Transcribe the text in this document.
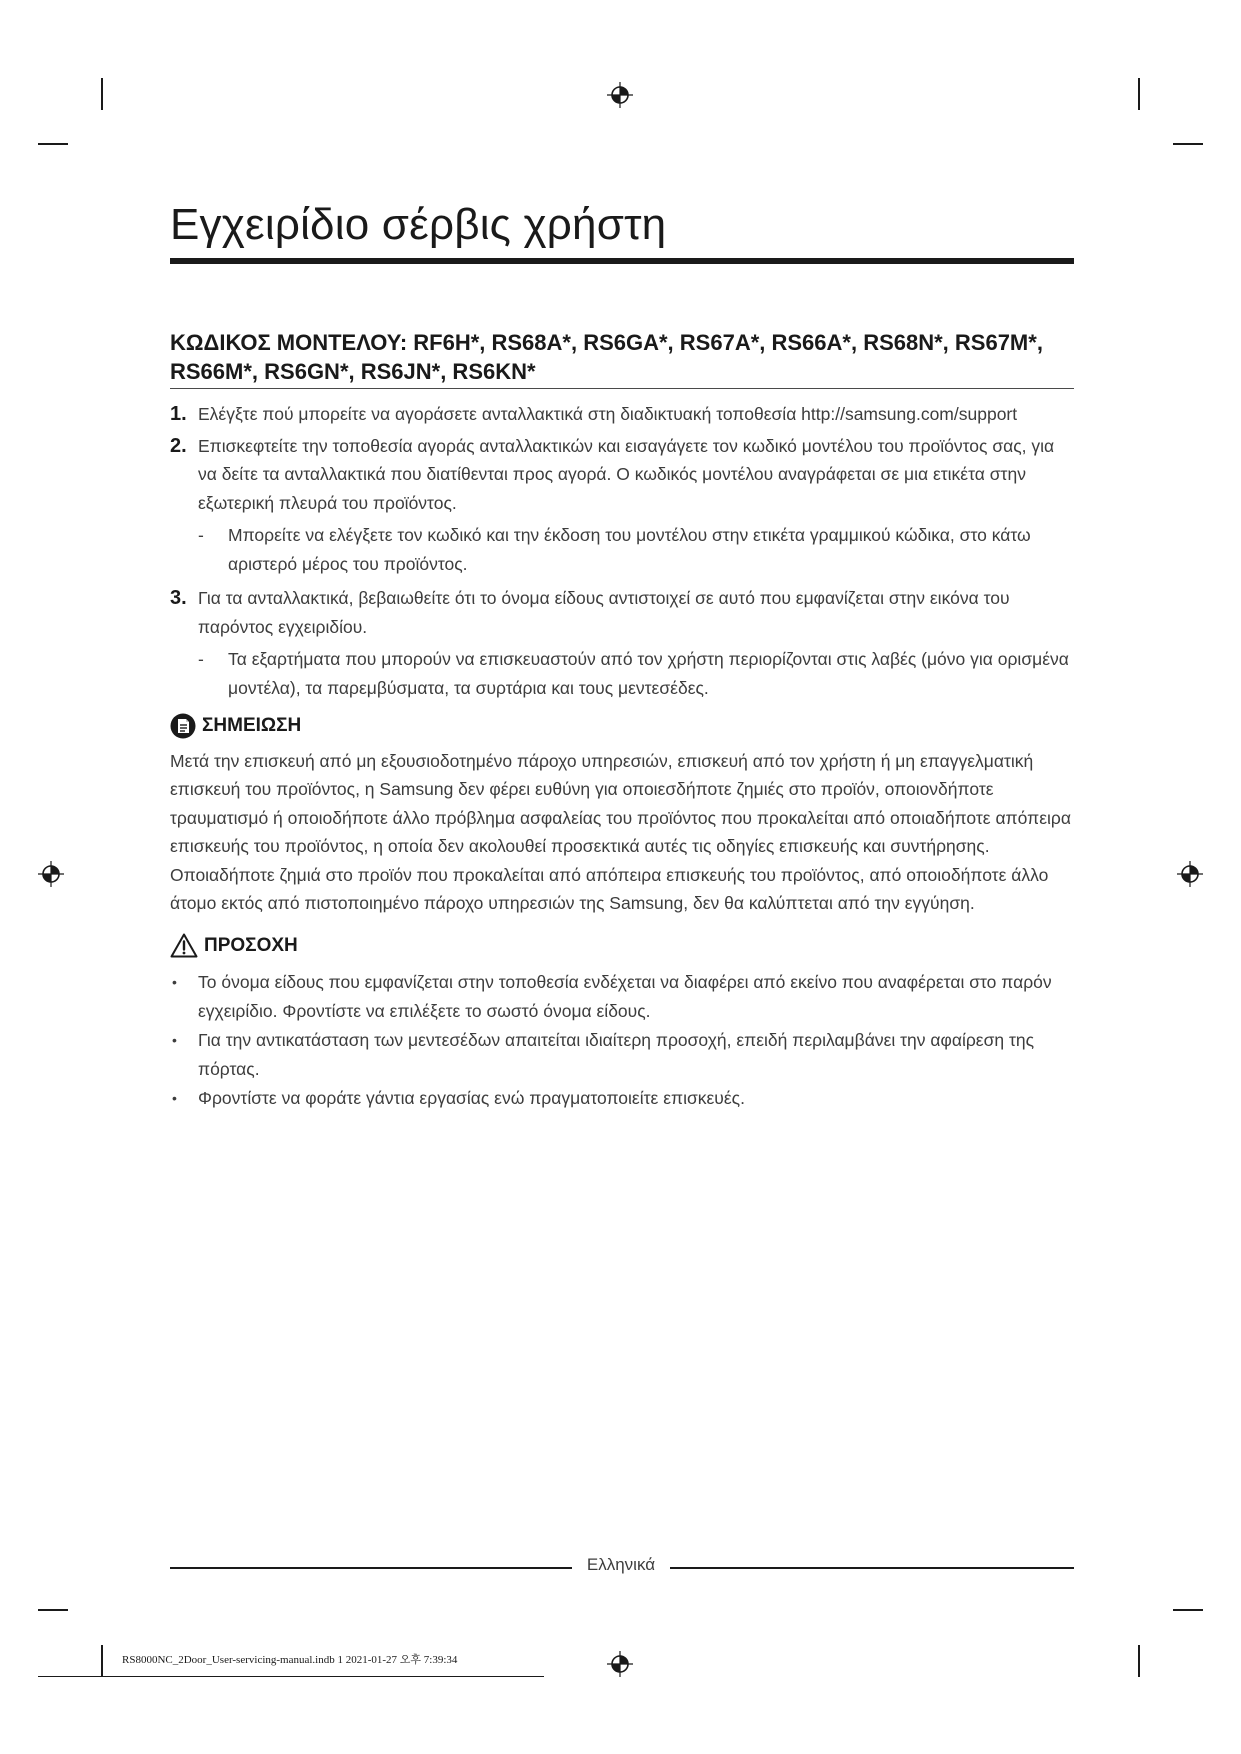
Εγχειρίδιο σέρβις χρήστη
ΚΩΔΙΚΟΣ ΜΟΝΤΕΛΟΥ: RF6H*, RS68A*, RS6GA*, RS67A*, RS66A*, RS68N*, RS67M*, RS66M*, RS6GN*, RS6JN*, RS6KN*
1. Ελέγξτε πού μπορείτε να αγοράσετε ανταλλακτικά στη διαδικτυακή τοποθεσία http://samsung.com/support
2. Επισκεφτείτε την τοποθεσία αγοράς ανταλλακτικών και εισαγάγετε τον κωδικό μοντέλου του προϊόντος σας, για να δείτε τα ανταλλακτικά που διατίθενται προς αγορά. Ο κωδικός μοντέλου αναγράφεται σε μια ετικέτα στην εξωτερική πλευρά του προϊόντος.
- Μπορείτε να ελέγξετε τον κωδικό και την έκδοση του μοντέλου στην ετικέτα γραμμικού κώδικα, στο κάτω αριστερό μέρος του προϊόντος.
3. Για τα ανταλλακτικά, βεβαιωθείτε ότι το όνομα είδους αντιστοιχεί σε αυτό που εμφανίζεται στην εικόνα του παρόντος εγχειριδίου.
- Τα εξαρτήματα που μπορούν να επισκευαστούν από τον χρήστη περιορίζονται στις λαβές (μόνο για ορισμένα μοντέλα), τα παρεμβύσματα, τα συρτάρια και τους μεντεσέδες.
ΣΗΜΕΙΩΣΗ
Μετά την επισκευή από μη εξουσιοδοτημένο πάροχο υπηρεσιών, επισκευή από τον χρήστη ή μη επαγγελματική επισκευή του προϊόντος, η Samsung δεν φέρει ευθύνη για οποιεσδήποτε ζημιές στο προϊόν, οποιονδήποτε τραυματισμό ή οποιοδήποτε άλλο πρόβλημα ασφαλείας του προϊόντος που προκαλείται από οποιαδήποτε απόπειρα επισκευής του προϊόντος, η οποία δεν ακολουθεί προσεκτικά αυτές τις οδηγίες επισκευής και συντήρησης. Οποιαδήποτε ζημιά στο προϊόν που προκαλείται από απόπειρα επισκευής του προϊόντος, από οποιοδήποτε άλλο άτομο εκτός από πιστοποιημένο πάροχο υπηρεσιών της Samsung, δεν θα καλύπτεται από την εγγύηση.
ΠΡΟΣΟΧΗ
• Το όνομα είδους που εμφανίζεται στην τοποθεσία ενδέχεται να διαφέρει από εκείνο που αναφέρεται στο παρόν εγχειρίδιο. Φροντίστε να επιλέξετε το σωστό όνομα είδους.
• Για την αντικατάσταση των μεντεσέδων απαιτείται ιδιαίτερη προσοχή, επειδή περιλαμβάνει την αφαίρεση της πόρτας.
• Φροντίστε να φοράτε γάντια εργασίας ενώ πραγματοποιείτε επισκευές.
Ελληνικά
RS8000NC_2Door_User-servicing-manual.indb 1 2021-01-27 오후 7:39:34
